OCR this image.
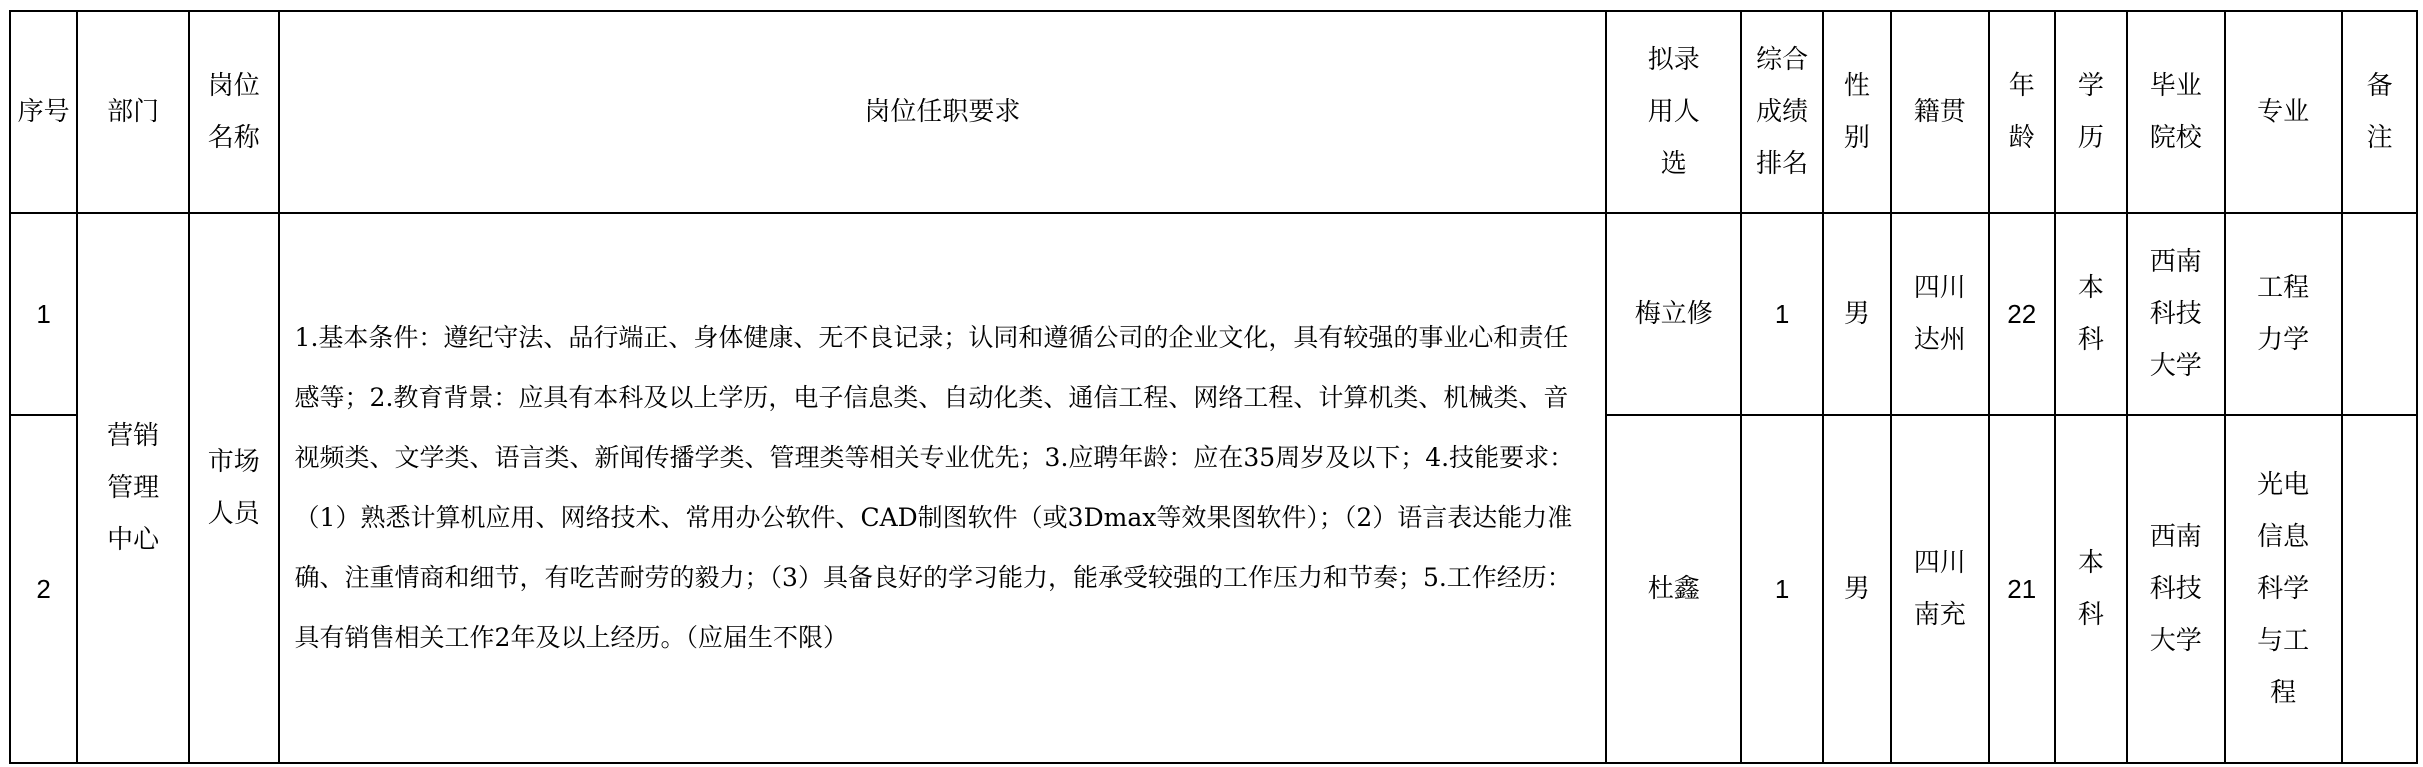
序号	部门	岗位名称	岗位任职要求	拟录用人选	综合成绩排名	性别	籍贯	年龄	学历	毕业院校	专业	备注
1	营销管理中心	市场人员	1.基本条件：遵纪守法、品行端正、身体健康、无不良记录；认同和遵循公司的企业文化，具有较强的事业心和责任感等；2.教育背景：应具有本科及以上学历，电子信息类、自动化类、通信工程、网络工程、计算机类、机械类、音视频类、文学类、语言类、新闻传播学类、管理类等相关专业优先；3.应聘年龄：应在35周岁及以下；4.技能要求：（1）熟悉计算机应用、网络技术、常用办公软件、CAD制图软件（或3Dmax等效果图软件）；（2）语言表达能力准确、注重情商和细节，有吃苦耐劳的毅力；（3）具备良好的学习能力，能承受较强的工作压力和节奏；5.工作经历：具有销售相关工作2年及以上经历。（应届生不限）	梅立修	1	男	四川达州	22	本科	西南科技大学	工程力学	
2				杜鑫	1	男	四川南充	21	本科	西南科技大学	光电信息科学与工程	
